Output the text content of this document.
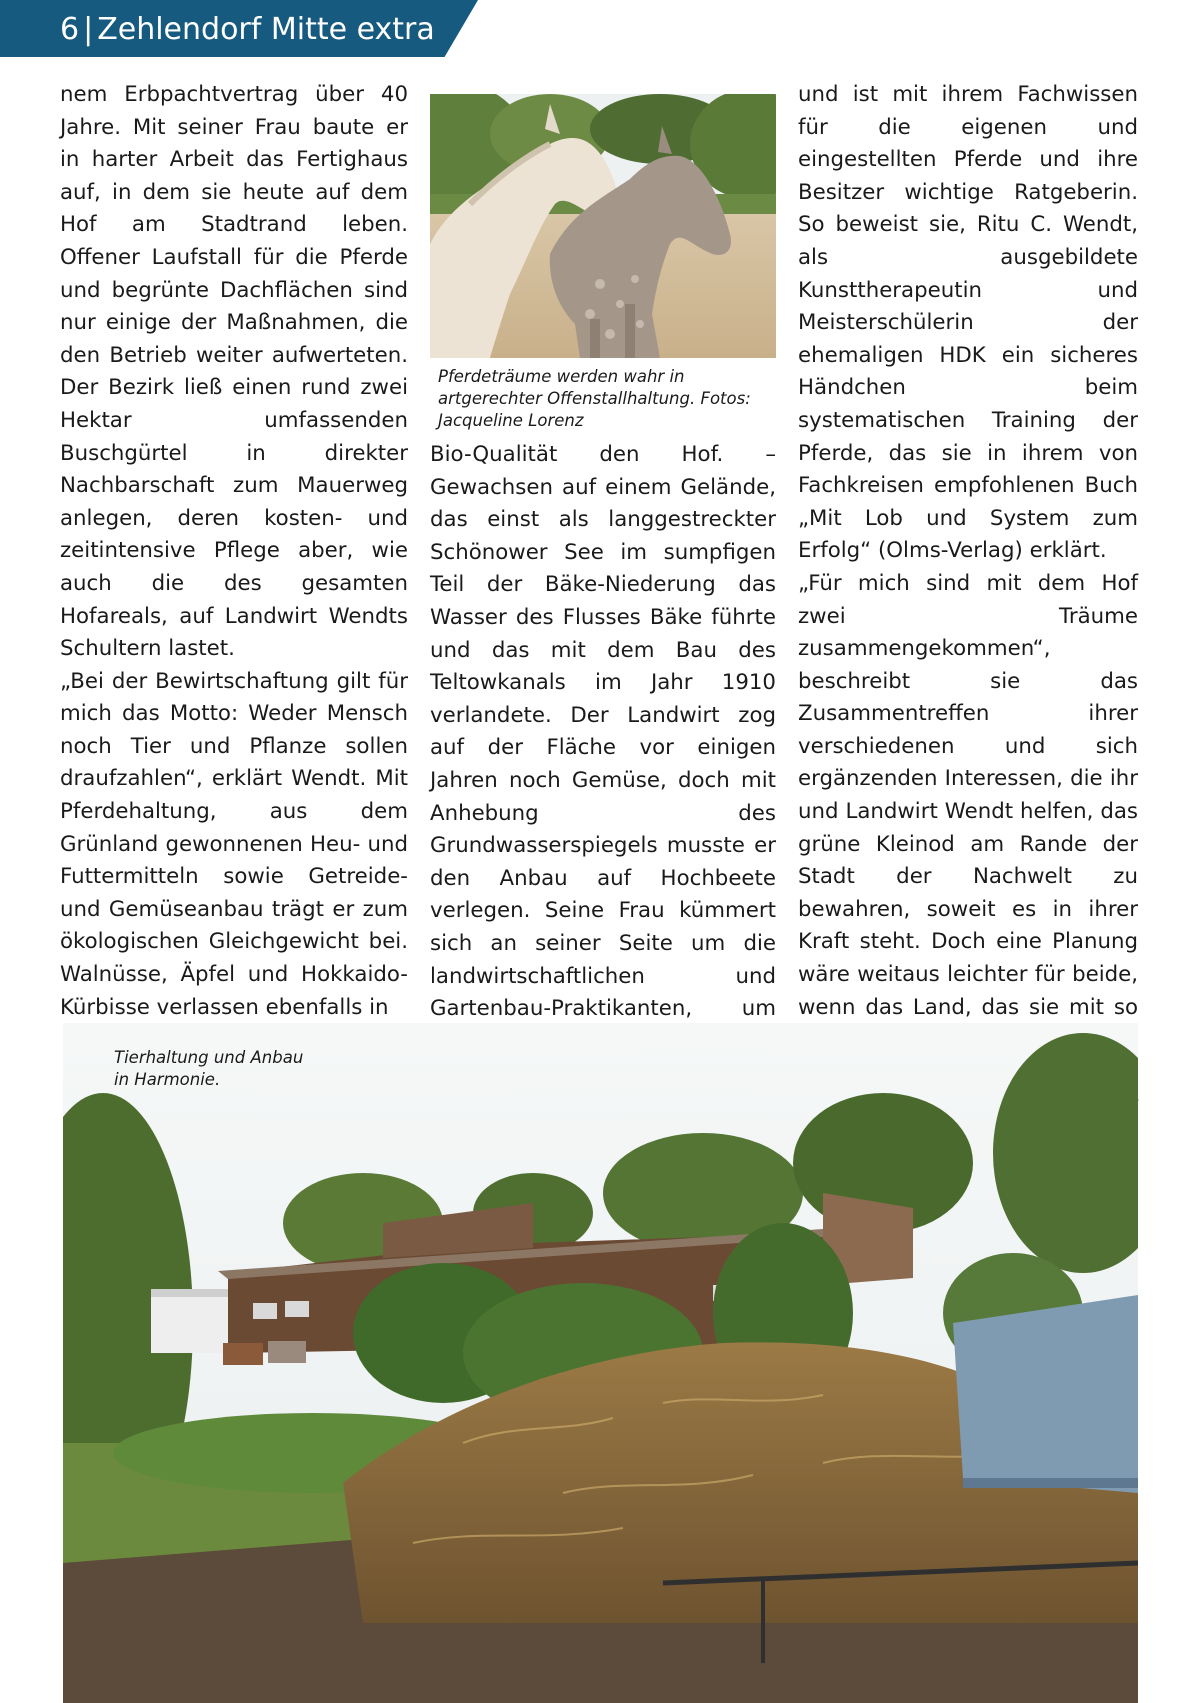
6 | Zehlendorf Mitte extra

nem Erbpachtvertrag über 40 Jahre. Mit seiner Frau baute er in harter Arbeit das Fertighaus auf, in dem sie heute auf dem Hof am Stadtrand leben. Offener Laufstall für die Pferde und begrünte Dachflächen sind nur einige der Maßnahmen, die den Betrieb weiter aufwerteten. Der Bezirk ließ einen rund zwei Hektar umfassenden Buschgürtel in direkter Nachbarschaft zum Mauerweg anlegen, deren kosten- und zeitintensive Pflege aber, wie auch die des gesamten Hofareals, auf Landwirt Wendts Schultern lastet.

„Bei der Bewirtschaftung gilt für mich das Motto: Weder Mensch noch Tier und Pflanze sollen draufzahlen“, erklärt Wendt. Mit Pferdehaltung, aus dem Grünland gewonnenen Heu- und Futtermitteln sowie Getreide- und Gemüseanbau trägt er zum ökologischen Gleichgewicht bei. Walnüsse, Äpfel und Hokkaido-Kürbisse verlassen ebenfalls in

Pferdeträume werden wahr in artgerechter Offenstallhaltung. Fotos: Jacqueline Lorenz

Bio-Qualität den Hof. – Gewachsen auf einem Gelände, das einst als langgestreckter Schönower See im sumpfigen Teil der Bäke-Niederung das Wasser des Flusses Bäke führte und das mit dem Bau des Teltowkanals im Jahr 1910 verlandete. Der Landwirt zog auf der Fläche vor einigen Jahren noch Gemüse, doch mit Anhebung des Grundwasserspiegels musste er den Anbau auf Hochbeete verlegen. Seine Frau kümmert sich an seiner Seite um die landwirtschaftlichen und Gartenbau-Praktikanten, um

und ist mit ihrem Fachwissen für die eigenen und eingestellten Pferde und ihre Besitzer wichtige Ratgeberin. So beweist sie, Ritu C. Wendt, als ausgebildete Kunsttherapeutin und Meisterschülerin der ehemaligen HDK ein sicheres Händchen beim systematischen Training der Pferde, das sie in ihrem von Fachkreisen empfohlenen Buch „Mit Lob und System zum Erfolg“ (Olms-Verlag) erklärt.

„Für mich sind mit dem Hof zwei Träume zusammengekommen“, beschreibt sie das Zusammentreffen ihrer verschiedenen und sich ergänzenden Interessen, die ihr und Landwirt Wendt helfen, das grüne Kleinod am Rande der Stadt der Nachwelt zu bewahren, soweit es in ihrer Kraft steht. Doch eine Planung wäre weitaus leichter für beide, wenn das Land, das sie mit so

Tierhaltung und Anbau
in Harmonie.
